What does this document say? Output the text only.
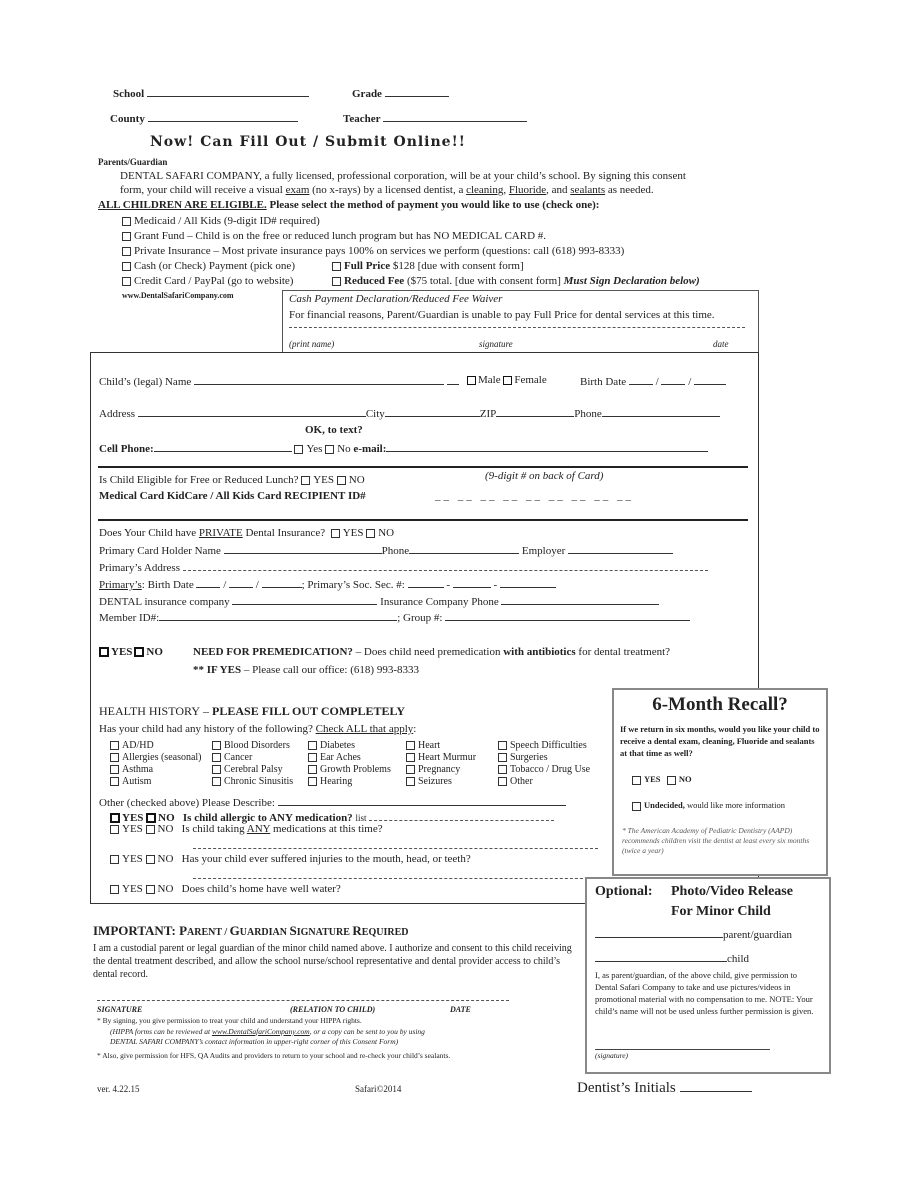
School	Grade
County	Teacher
Now! Can Fill Out / Submit Online!!
Parents/Guardian
DENTAL SAFARI COMPANY, a fully licensed, professional corporation, will be at your child’s school. By signing this consent
form, your child will receive a visual exam (no x-rays) by a licensed dentist, a cleaning, Fluoride, and sealants as needed.
ALL CHILDREN ARE ELIGIBLE. Please select the method of payment you would like to use (check one):
Medicaid / All Kids (9-digit ID# required)
Grant Fund – Child is on the free or reduced lunch program but has NO MEDICAL CARD #.
Private Insurance – Most private insurance pays 100% on services we perform (questions: call (618) 993-8333)
Cash (or Check) Payment (pick one)	Full Price $128 [due with consent form]
Credit Card / PayPal (go to website)	Reduced Fee ($75 total. [due with consent form] Must Sign Declaration below)
www.DentalSafariCompany.com	Cash Payment Declaration/Reduced Fee Waiver
For financial reasons, Parent/Guardian is unable to pay Full Price for dental services at this time.
(print name)	signature	date
Child’s (legal) Name	Male Female	Birth Date	/	/
Address	City	ZIP	Phone
OK, to text?
Cell Phone:	Yes No e-mail:
Is Child Eligible for Free or Reduced Lunch? YES NO	(9-digit # on back of Card)
Medical Card KidCare / All Kids Card RECIPIENT ID#	__ __ __ __ __ __ __ __ __
Does Your Child have PRIVATE Dental Insurance? YES NO
Primary Card Holder Name	Phone	Employer
Primary’s Address
Primary’s: Birth Date  /  /	; Primary’s Soc. Sec. #:	-	-
DENTAL insurance company	Insurance Company Phone
Member ID#:	; Group #:
YES NO	NEED FOR PREMEDICATION? – Does child need premedication with antibiotics for dental treatment?
** IF YES – Please call our office: (618) 993-8333
HEALTH HISTORY – PLEASE FILL OUT COMPLETELY
Has your child had any history of the following? Check ALL that apply:
AD/HD	Blood Disorders	Diabetes	Heart	Speech Difficulties
Allergies (seasonal)	Cancer	Ear Aches	Heart Murmur	Surgeries
Asthma	Cerebral Palsy	Growth Problems	Pregnancy	Tobacco / Drug Use
Autism	Chronic Sinusitis	Hearing	Seizures	Other
Other (checked above) Please Describe:
YES NO Is child allergic to ANY medication? list
YES NO Is child taking ANY medications at this time?
YES NO Has your child ever suffered injuries to the mouth, head, or teeth?
YES NO Does child’s home have well water?
6-Month Recall?
If we return in six months, would you like your child to receive a dental exam, cleaning, Fluoride and sealants at that time as well?
YES NO
Undecided, would like more information
* The American Academy of Pediatric Dentistry (AAPD) recommends children visit the dentist at least every six months (twice a year)
Optional: Photo/Video Release
For Minor Child
parent/guardian
child
I, as parent/guardian, of the above child, give permission to Dental Safari Company to take and use pictures/videos in promotional material with no compensation to me. NOTE: Your child’s name will not be used unless further permission is given.
(signature)
IMPORTANT: PARENT / GUARDIAN SIGNATURE REQUIRED
I am a custodial parent or legal guardian of the minor child named above. I authorize and consent to this child receiving the dental treatment described, and allow the school nurse/school representative and dental provider access to child’s dental record.
SIGNATURE	(RELATION TO CHILD)	DATE
* By signing, you give permission to treat your child and understand your HIPPA rights.
(HIPPA forms can be reviewed at www.DentalSafariCompany.com, or a copy can be sent to you by using
DENTAL SAFARI COMPANY’s contact information in upper-right corner of this Consent Form)
* Also, give permission for HFS, QA Audits and providers to return to your school and re-check your child’s sealants.
ver. 4.22.15	Safari©2014	Dentist’s Initials
